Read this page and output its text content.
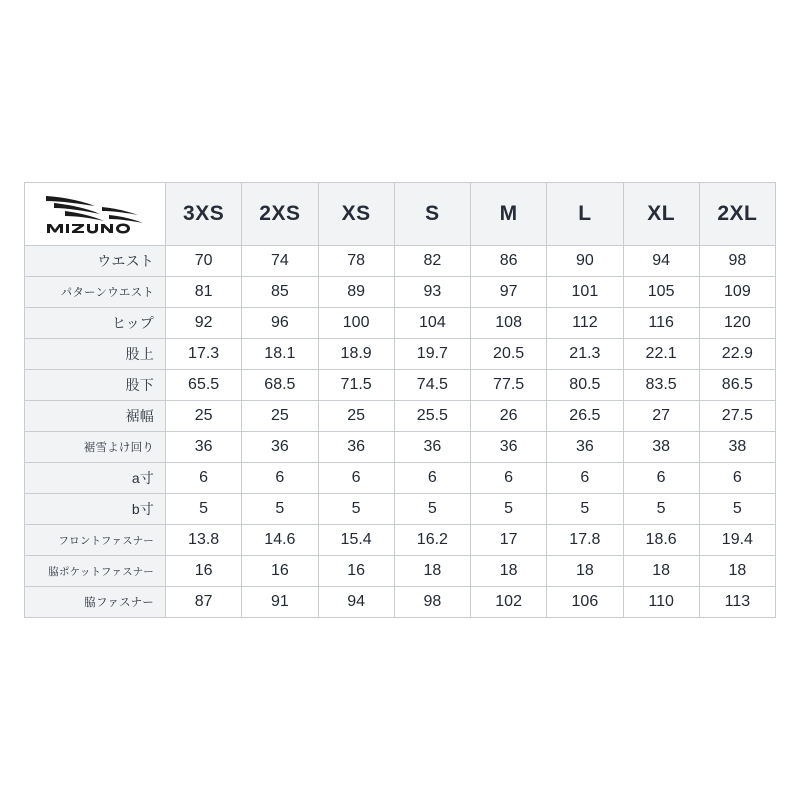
	3XS	2XS	XS	S	M	L	XL	2XL
ウエスト	70	74	78	82	86	90	94	98
パターンウエスト	81	85	89	93	97	101	105	109
ヒップ	92	96	100	104	108	112	116	120
股上	17.3	18.1	18.9	19.7	20.5	21.3	22.1	22.9
股下	65.5	68.5	71.5	74.5	77.5	80.5	83.5	86.5
裾幅	25	25	25	25.5	26	26.5	27	27.5
裾雪よけ回り	36	36	36	36	36	36	38	38
a寸	6	6	6	6	6	6	6	6
b寸	5	5	5	5	5	5	5	5
フロントファスナー	13.8	14.6	15.4	16.2	17	17.8	18.6	19.4
脇ポケットファスナー	16	16	16	18	18	18	18	18
脇ファスナー	87	91	94	98	102	106	110	113
